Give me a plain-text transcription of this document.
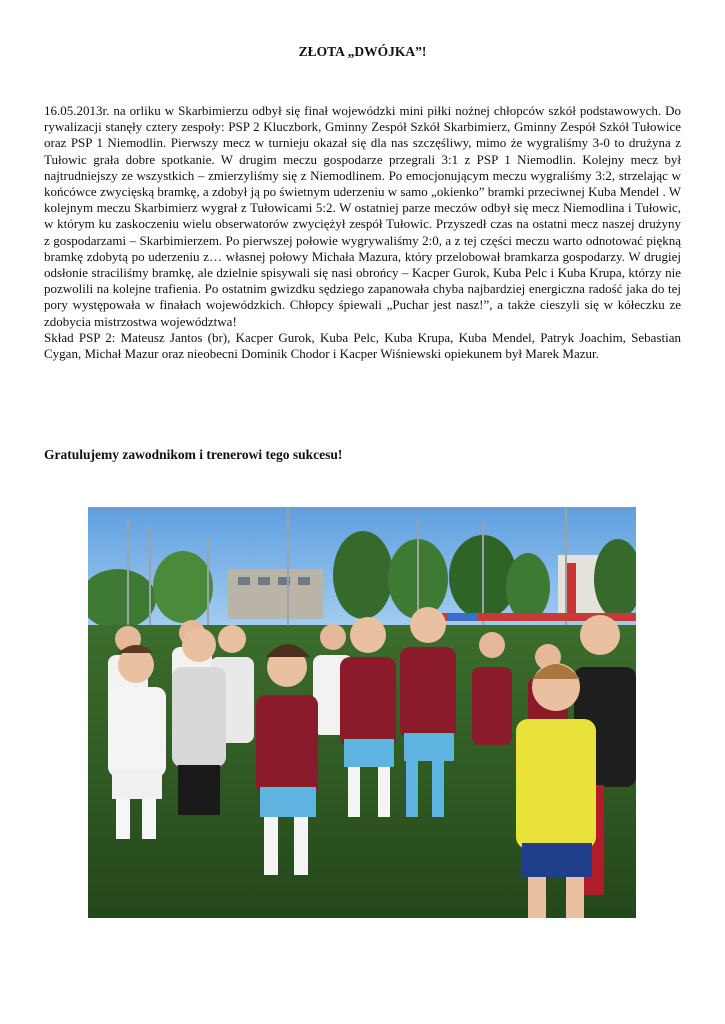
ZŁOTA „DWÓJKA”!

16.05.2013r. na orliku w Skarbimierzu odbył się finał wojewódzki mini piłki nożnej chłopców szkół podstawowych. Do rywalizacji stanęły cztery zespoły: PSP 2 Kluczbork, Gminny Zespół Szkół Skarbimierz, Gminny Zespół Szkół Tułowice oraz PSP 1 Niemodlin. Pierwszy mecz w turnieju okazał się dla nas szczęśliwy, mimo że wygraliśmy 3-0 to drużyna z Tułowic grała dobre spotkanie. W drugim meczu gospodarze przegrali 3:1 z PSP 1 Niemodlin. Kolejny mecz był najtrudniejszy ze wszystkich – zmierzyliśmy się z Niemodlinem. Po emocjonującym meczu wygraliśmy 3:2, strzelając w końcówce zwycięską bramkę, a zdobył ją po świetnym uderzeniu w samo „okienko” bramki przeciwnej Kuba Mendel . W kolejnym meczu Skarbimierz wygrał z Tułowicami 5:2. W ostatniej parze meczów odbył się mecz Niemodlina i Tułowic, w którym ku zaskoczeniu wielu obserwatorów zwyciężył zespół Tułowic. Przyszedł czas na ostatni mecz naszej drużyny z gospodarzami – Skarbimierzem. Po pierwszej połowie wygrywaliśmy 2:0, a z tej części meczu warto odnotować piękną bramkę zdobytą po uderzeniu z… własnej połowy Michała Mazura, który przelobował bramkarza gospodarzy. W drugiej odsłonie straciliśmy bramkę, ale dzielnie spisywali się nasi obrońcy – Kacper Gurok, Kuba Pelc i Kuba Krupa, którzy nie pozwolili na kolejne trafienia. Po ostatnim gwizdku sędziego zapanowała chyba najbardziej energiczna radość jaka do tej pory występowała w finałach wojewódzkich. Chłopcy śpiewali „Puchar jest nasz!”, a także cieszyli się w kółeczku ze zdobycia mistrzostwa województwa!

Skład PSP 2: Mateusz Jantos (br), Kacper Gurok, Kuba Pelc, Kuba Krupa, Kuba Mendel, Patryk Joachim, Sebastian Cygan, Michał Mazur oraz nieobecni Dominik Chodor i Kacper Wiśniewski opiekunem był Marek Mazur.

Gratulujemy zawodnikom i trenerowi tego sukcesu!
